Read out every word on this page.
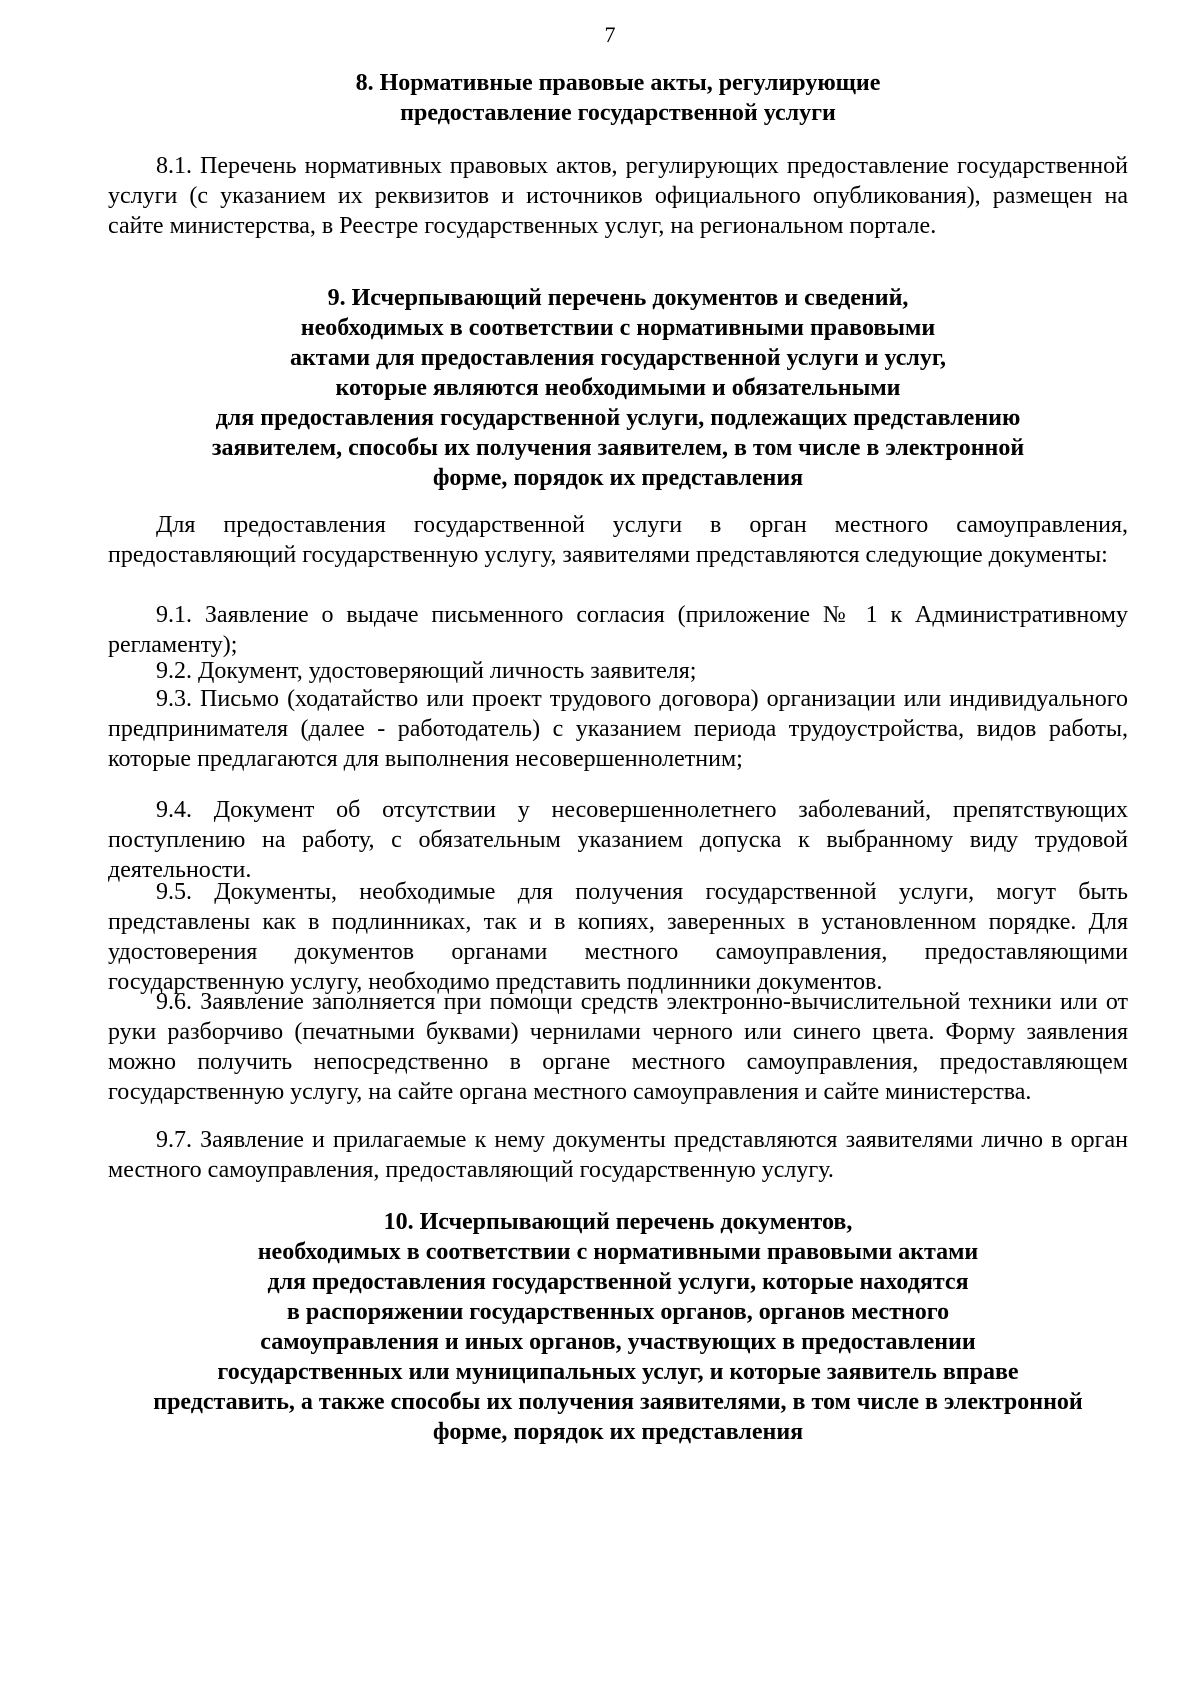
7
8. Нормативные правовые акты, регулирующие
предоставление государственной услуги

8.1. Перечень нормативных правовых актов, регулирующих предоставление государственной услуги (с указанием их реквизитов и источников официального опубликования), размещен на сайте министерства, в Реестре государственных услуг, на региональном портале.

9. Исчерпывающий перечень документов и сведений,
необходимых в соответствии с нормативными правовыми
актами для предоставления государственной услуги и услуг,
которые являются необходимыми и обязательными
для предоставления государственной услуги, подлежащих представлению
заявителем, способы их получения заявителем, в том числе в электронной
форме, порядок их представления

Для предоставления государственной услуги в орган местного самоуправления, предоставляющий государственную услугу, заявителями представляются следующие документы:

9.1. Заявление о выдаче письменного согласия (приложение № 1 к Административному регламенту);

9.2. Документ, удостоверяющий личность заявителя;

9.3. Письмо (ходатайство или проект трудового договора) организации или индивидуального предпринимателя (далее - работодатель) с указанием периода трудоустройства, видов работы, которые предлагаются для выполнения несовершеннолетним;

9.4. Документ об отсутствии у несовершеннолетнего заболеваний, препятствующих поступлению на работу, с обязательным указанием допуска к выбранному виду трудовой деятельности.

9.5. Документы, необходимые для получения государственной услуги, могут быть представлены как в подлинниках, так и в копиях, заверенных в установленном порядке. Для удостоверения документов органами местного самоуправления, предоставляющими государственную услугу, необходимо представить подлинники документов.

9.6. Заявление заполняется при помощи средств электронно-вычислительной техники или от руки разборчиво (печатными буквами) чернилами черного или синего цвета. Форму заявления можно получить непосредственно в органе местного самоуправления, предоставляющем государственную услугу, на сайте органа местного самоуправления и сайте министерства.

9.7. Заявление и прилагаемые к нему документы представляются заявителями лично в орган местного самоуправления, предоставляющий государственную услугу.

10. Исчерпывающий перечень документов,
необходимых в соответствии с нормативными правовыми актами
для предоставления государственной услуги, которые находятся
в распоряжении государственных органов, органов местного
самоуправления и иных органов, участвующих в предоставлении
государственных или муниципальных услуг, и которые заявитель вправе
представить, а также способы их получения заявителями, в том числе в электронной
форме, порядок их представления
